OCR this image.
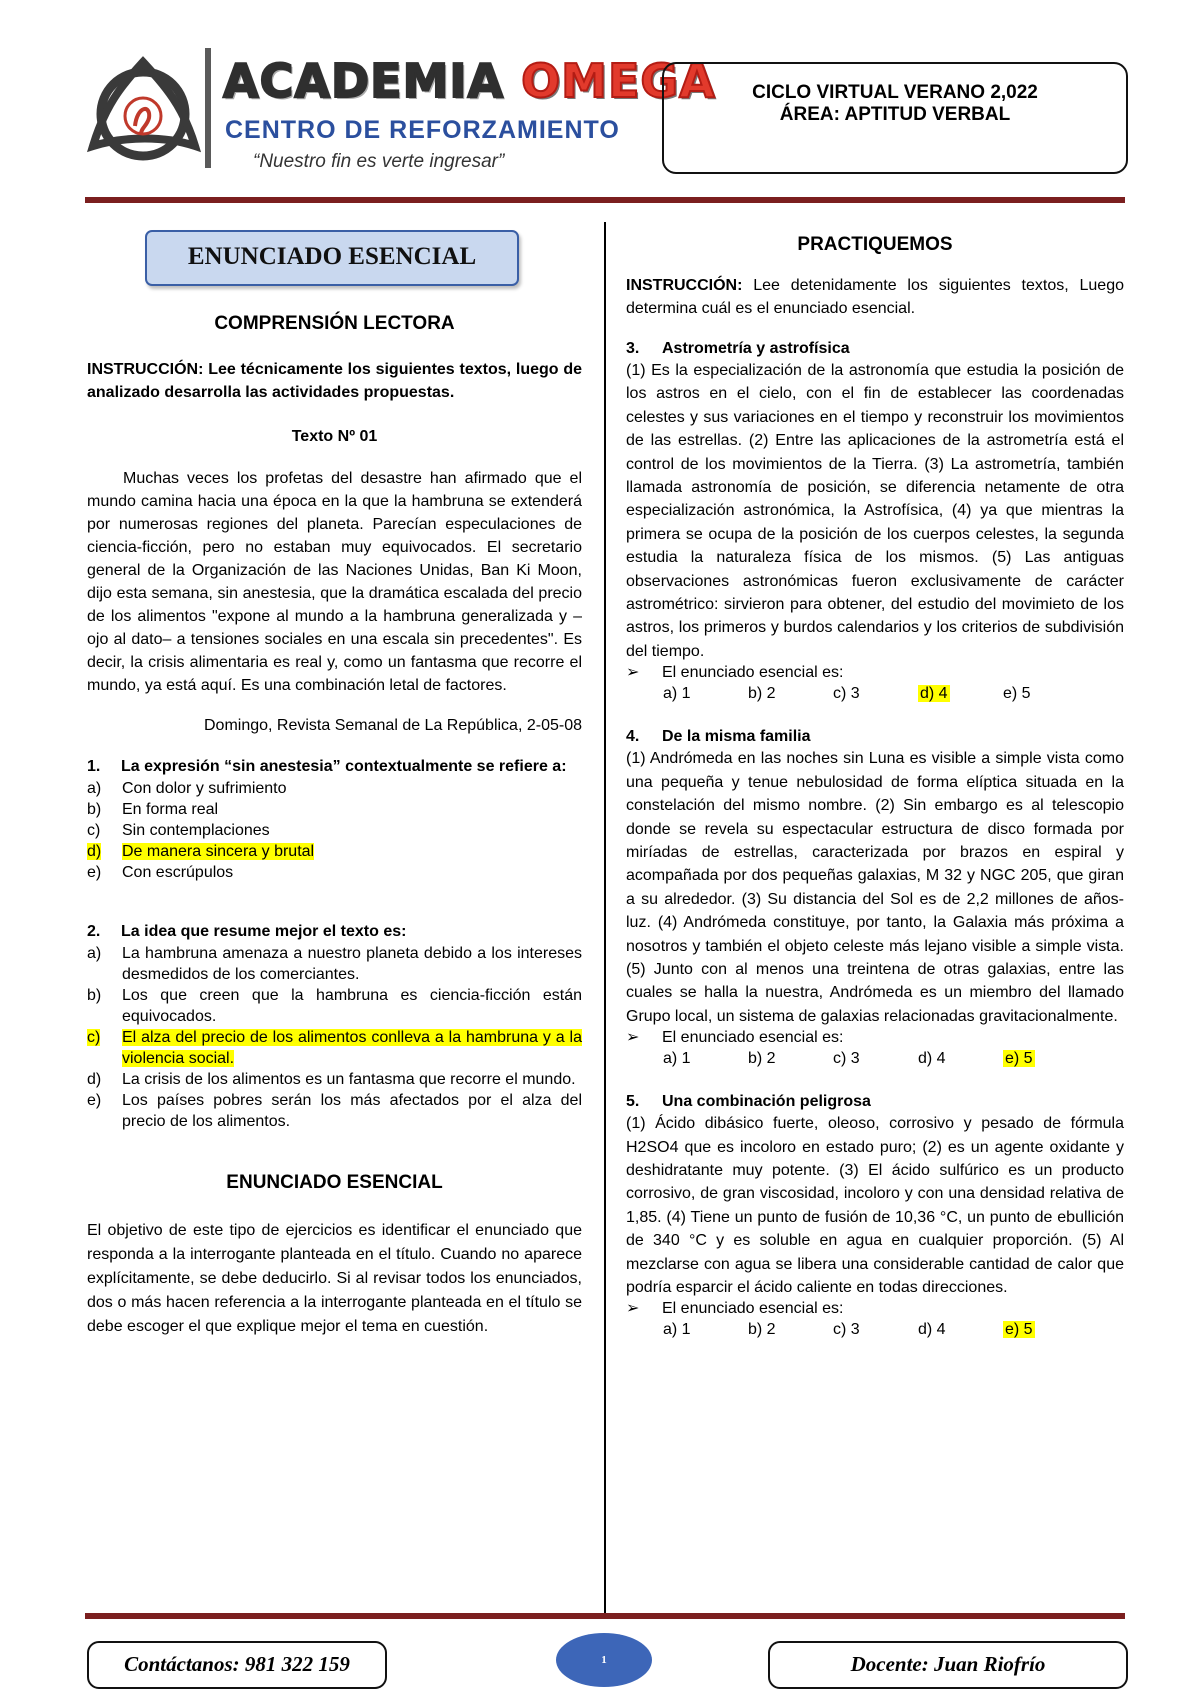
ACADEMIA OMEGA
CENTRO DE REFORZAMIENTO
“Nuestro fin es verte ingresar”
CICLO VIRTUAL VERANO 2,022
ÁREA: APTITUD VERBAL
ENUNCIADO ESENCIAL
COMPRENSIÓN LECTORA
INSTRUCCIÓN: Lee técnicamente los siguientes textos, luego de analizado desarrolla las actividades propuestas.
Texto Nº 01
Muchas veces los profetas del desastre han afirmado que el mundo camina hacia una época en la que la hambruna se extenderá por numerosas regiones del planeta. Parecían especulaciones de ciencia-ficción, pero no estaban muy equivocados. El secretario general de la Organización de las Naciones Unidas, Ban Ki Moon, dijo esta semana, sin anestesia, que la dramática escalada del precio de los alimentos "expone al mundo a la hambruna generalizada y –ojo al dato– a tensiones sociales en una escala sin precedentes". Es decir, la crisis alimentaria es real y, como un fantasma que recorre el mundo, ya está aquí. Es una combinación letal de factores.
Domingo, Revista Semanal de La República, 2-05-08
1.	La expresión “sin anestesia” contextualmente se refiere a:
a)	Con dolor y sufrimiento
b)	En forma real
c)	Sin contemplaciones
d)	De manera sincera y brutal
e)	Con escrúpulos
2.	La idea que resume mejor el texto es:
a)	La hambruna amenaza a nuestro planeta debido a los intereses desmedidos de los comerciantes.
b)	Los que creen que la hambruna es ciencia-ficción están equivocados.
c)	El alza del precio de los alimentos conlleva a la hambruna y a la violencia social.
d)	La crisis de los alimentos es un fantasma que recorre el mundo.
e)	Los países pobres serán los más afectados por el alza del precio de los alimentos.
ENUNCIADO ESENCIAL
El objetivo de este tipo de ejercicios es identificar el enunciado que responda a la interrogante planteada en el título. Cuando no aparece explícitamente, se debe deducirlo. Si al revisar todos los enunciados, dos o más hacen referencia a la interrogante planteada en el título se debe escoger el que explique mejor el tema en cuestión.
PRACTIQUEMOS
INSTRUCCIÓN: Lee detenidamente los siguientes textos, Luego determina cuál es el enunciado esencial.
3.	Astrometría y astrofísica
(1) Es la especialización de la astronomía que estudia la posición de los astros en el cielo, con el fin de establecer las coordenadas celestes y sus variaciones en el tiempo y reconstruir los movimientos de las estrellas. (2) Entre las aplicaciones de la astrometría está el control de los movimientos de la Tierra. (3) La astrometría, también llamada astronomía de posición, se diferencia netamente de otra especialización astronómica, la Astrofísica, (4) ya que mientras la primera se ocupa de la posición de los cuerpos celestes, la segunda estudia la naturaleza física de los mismos. (5) Las antiguas observaciones astronómicas fueron exclusivamente de carácter astrométrico: sirvieron para obtener, del estudio del movimieto de los astros, los primeros y burdos calendarios y los criterios de subdivisión del tiempo.
➢	El enunciado esencial es:
a) 1	b) 2	c) 3	d) 4	e) 5
4.	De la misma familia
(1) Andrómeda en las noches sin Luna es visible a simple vista como una pequeña y tenue nebulosidad de forma elíptica situada en la constelación del mismo nombre. (2) Sin embargo es al telescopio donde se revela su espectacular estructura de disco formada por miríadas de estrellas, caracterizada por brazos en espiral y acompañada por dos pequeñas galaxias, M 32 y NGC 205, que giran a su alrededor. (3) Su distancia del Sol es de 2,2 millones de años-luz. (4) Andrómeda constituye, por tanto, la Galaxia más próxima a nosotros y también el objeto celeste más lejano visible a simple vista. (5) Junto con al menos una treintena de otras galaxias, entre las cuales se halla la nuestra, Andrómeda es un miembro del llamado Grupo local, un sistema de galaxias relacionadas gravitacionalmente.
➢	El enunciado esencial es:
a) 1	b) 2	c) 3	d) 4	e) 5
5.	Una combinación peligrosa
(1) Ácido dibásico fuerte, oleoso, corrosivo y pesado de fórmula H2SO4 que es incoloro en estado puro; (2) es un agente oxidante y deshidratante muy potente. (3) El ácido sulfúrico es un producto corrosivo, de gran viscosidad, incoloro y con una densidad relativa de 1,85. (4) Tiene un punto de fusión de 10,36 °C, un punto de ebullición de 340 °C y es soluble en agua en cualquier proporción. (5) Al mezclarse con agua se libera una considerable cantidad de calor que podría esparcir el ácido caliente en todas direcciones.
➢	El enunciado esencial es:
a) 1	b) 2	c) 3	d) 4	e) 5
Contáctanos: 981 322 159	1	Docente: Juan Riofrío
